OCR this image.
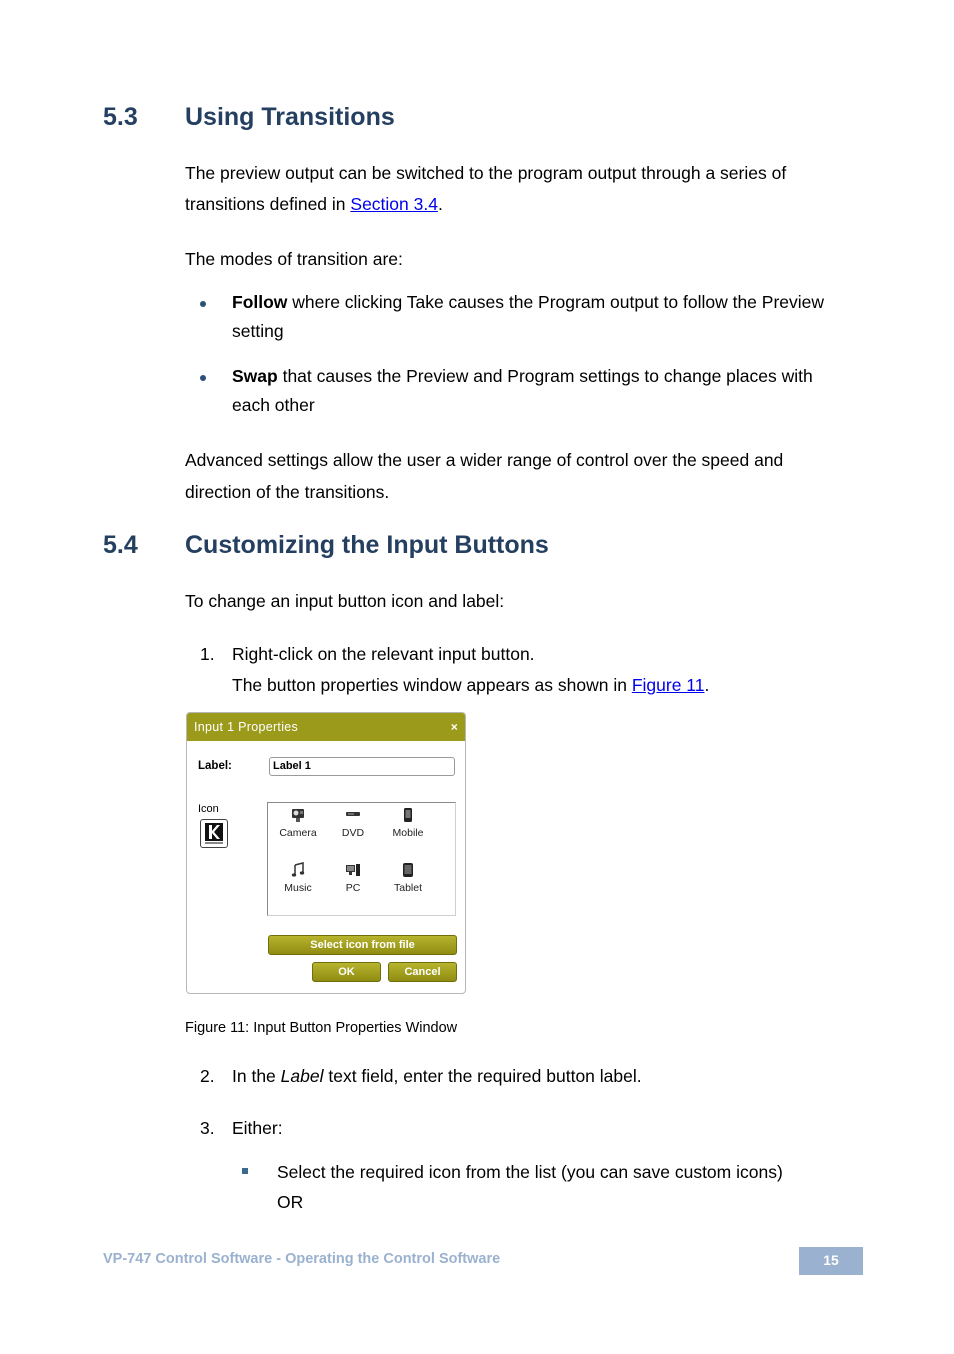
5.3 Using Transitions
The preview output can be switched to the program output through a series of
transitions defined in Section 3.4.
The modes of transition are:
Follow where clicking Take causes the Program output to follow the Preview
setting
Swap that causes the Preview and Program settings to change places with
each other
Advanced settings allow the user a wider range of control over the speed and
direction of the transitions.
5.4 Customizing the Input Buttons
To change an input button icon and label:
1. Right-click on the relevant input button.
The button properties window appears as shown in Figure 11.
Input 1 Properties	×
Label:	Label 1
Icon
Camera	DVD	Mobile
Music	PC	Tablet
Select icon from file
OK	Cancel
Figure 11: Input Button Properties Window
2. In the Label text field, enter the required button label.
3. Either:
Select the required icon from the list (you can save custom icons)
OR
VP-747 Control Software - Operating the Control Software	15
